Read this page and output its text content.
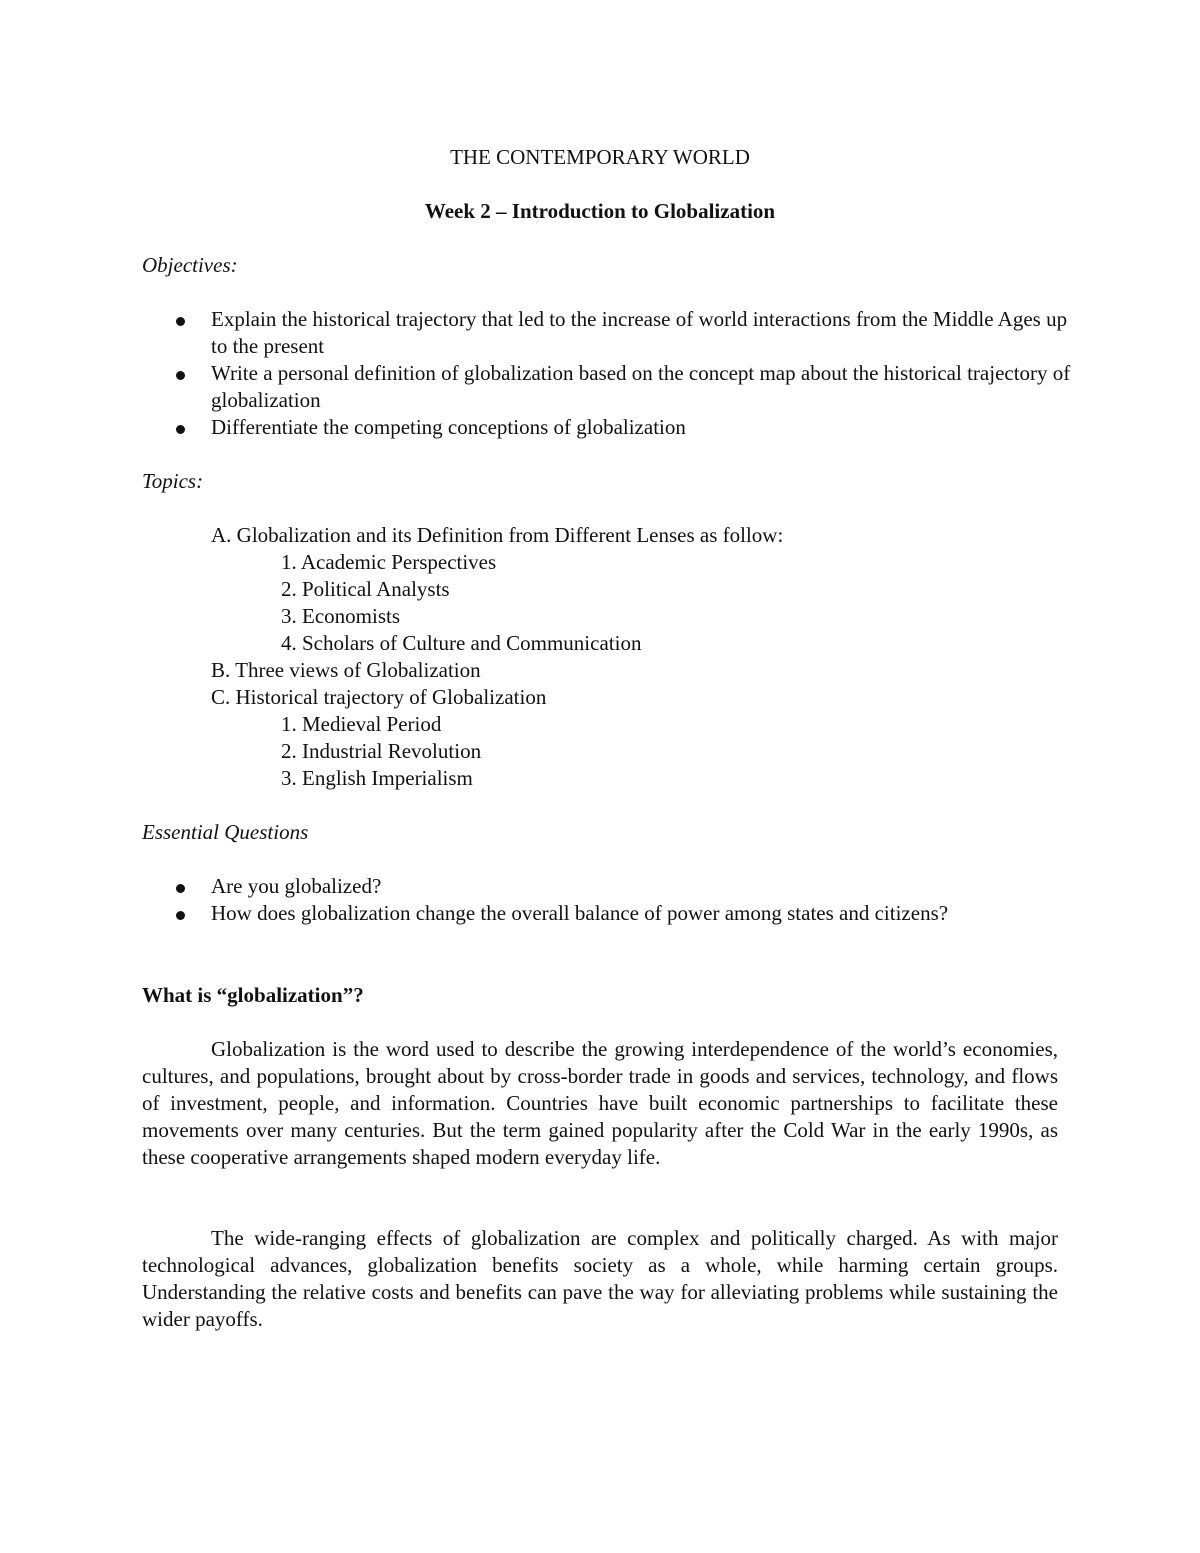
THE CONTEMPORARY WORLD
Week 2 – Introduction to Globalization
Objectives:
Explain the historical trajectory that led to the increase of world interactions from the Middle Ages up to the present
Write a personal definition of globalization based on the concept map about the historical trajectory of globalization
Differentiate the competing conceptions of globalization
Topics:
A. Globalization and its Definition from Different Lenses as follow:
1. Academic Perspectives
2. Political Analysts
3. Economists
4. Scholars of Culture and Communication
B. Three views of Globalization
C. Historical trajectory of Globalization
1. Medieval Period
2. Industrial Revolution
3. English Imperialism
Essential Questions
Are you globalized?
How does globalization change the overall balance of power among states and citizens?
What is “globalization”?

Globalization is the word used to describe the growing interdependence of the world’s economies, cultures, and populations, brought about by cross-border trade in goods and services, technology, and flows of investment, people, and information. Countries have built economic partnerships to facilitate these movements over many centuries. But the term gained popularity after the Cold War in the early 1990s, as these cooperative arrangements shaped modern everyday life.

The wide-ranging effects of globalization are complex and politically charged. As with major technological advances, globalization benefits society as a whole, while harming certain groups. Understanding the relative costs and benefits can pave the way for alleviating problems while sustaining the wider payoffs.
